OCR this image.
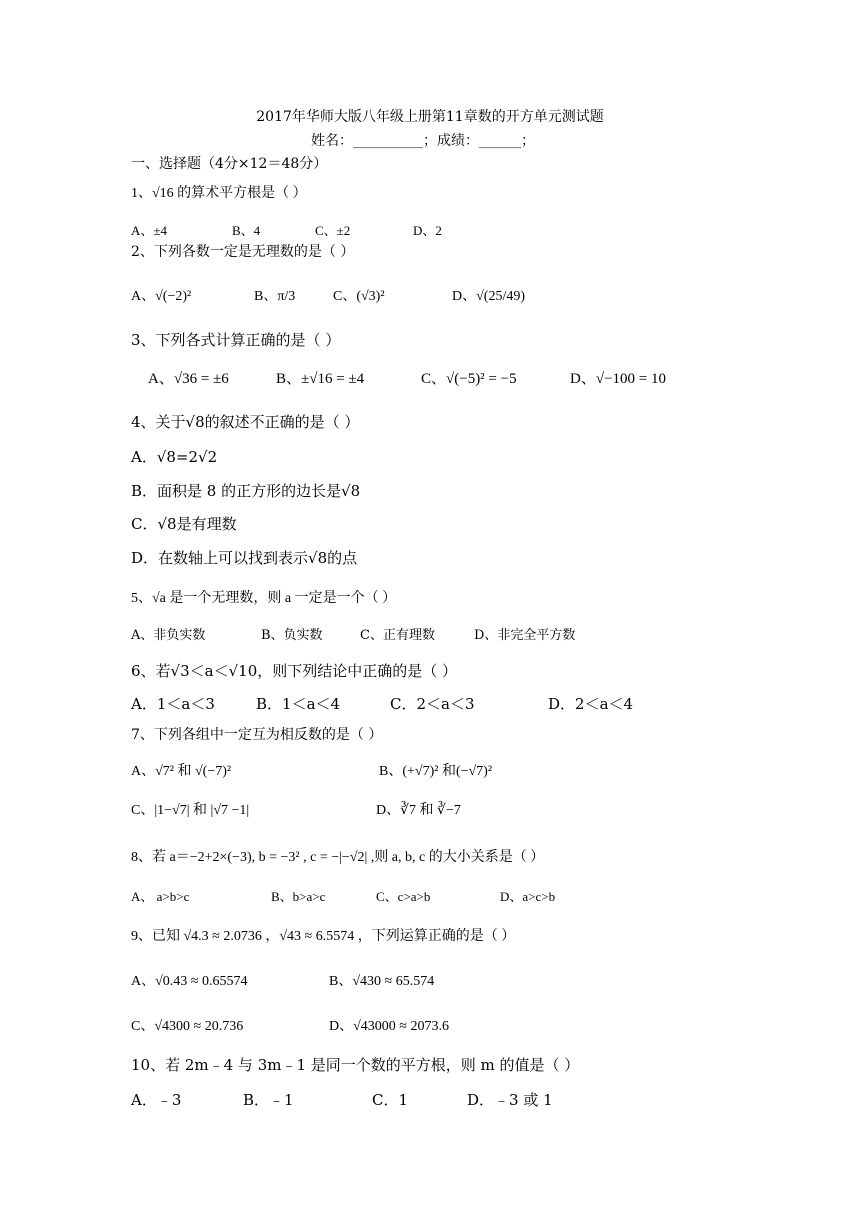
2017年华师大版八年级上册第11章数的开方单元测试题
姓名：__________；成绩：______；
一、选择题（4分×12＝48分）
1、√16 的算术平方根是（ ）
A、±4	B、4	C、±2	D、2
2、下列各数一定是无理数的是（ ）
A、√(−2)²	B、π/3	C、(√3)²	D、√(25/49)
3、下列各式计算正确的是（ ）
A、√36 = ±6	B、±√16 = ±4	C、√(−5)² = −5	D、√−100 = 10
4、关于√8的叙述不正确的是（ ）
A．√8=2√2
B．面积是 8 的正方形的边长是√8
C．√8是有理数
D．在数轴上可以找到表示√8的点
5、√a 是一个无理数，则 a 一定是一个（ ）
A、非负实数	B、负实数	C、正有理数	D、非完全平方数
6、若√3＜a＜√10，则下列结论中正确的是（ ）
A．1＜a＜3	B．1＜a＜4	C．2＜a＜3	D．2＜a＜4
7、下列各组中一定互为相反数的是（ ）
A、√7² 和 √(−7)²	B、(+√7)² 和(−√7)²
C、|1−√7| 和 |√7 −1|	D、∛7 和 ∛−7
8、若 a＝−2+2×(−3), b = −3² , c = −|−√2| ,则 a, b, c 的大小关系是（ ）
A、 a>b>c	B、b>a>c	C、c>a>b	D、a>c>b
9、已知 √4.3 ≈ 2.0736 ，√43 ≈ 6.5574 ，下列运算正确的是（ ）
A、√0.43 ≈ 0.65574	B、√430 ≈ 65.574
C、√4300 ≈ 20.736	D、√43000 ≈ 2073.6
10、若 2m﹣4 与 3m﹣1 是同一个数的平方根，则 m 的值是（ ）
A．﹣3	B．﹣1	C．1	D．﹣3 或 1
